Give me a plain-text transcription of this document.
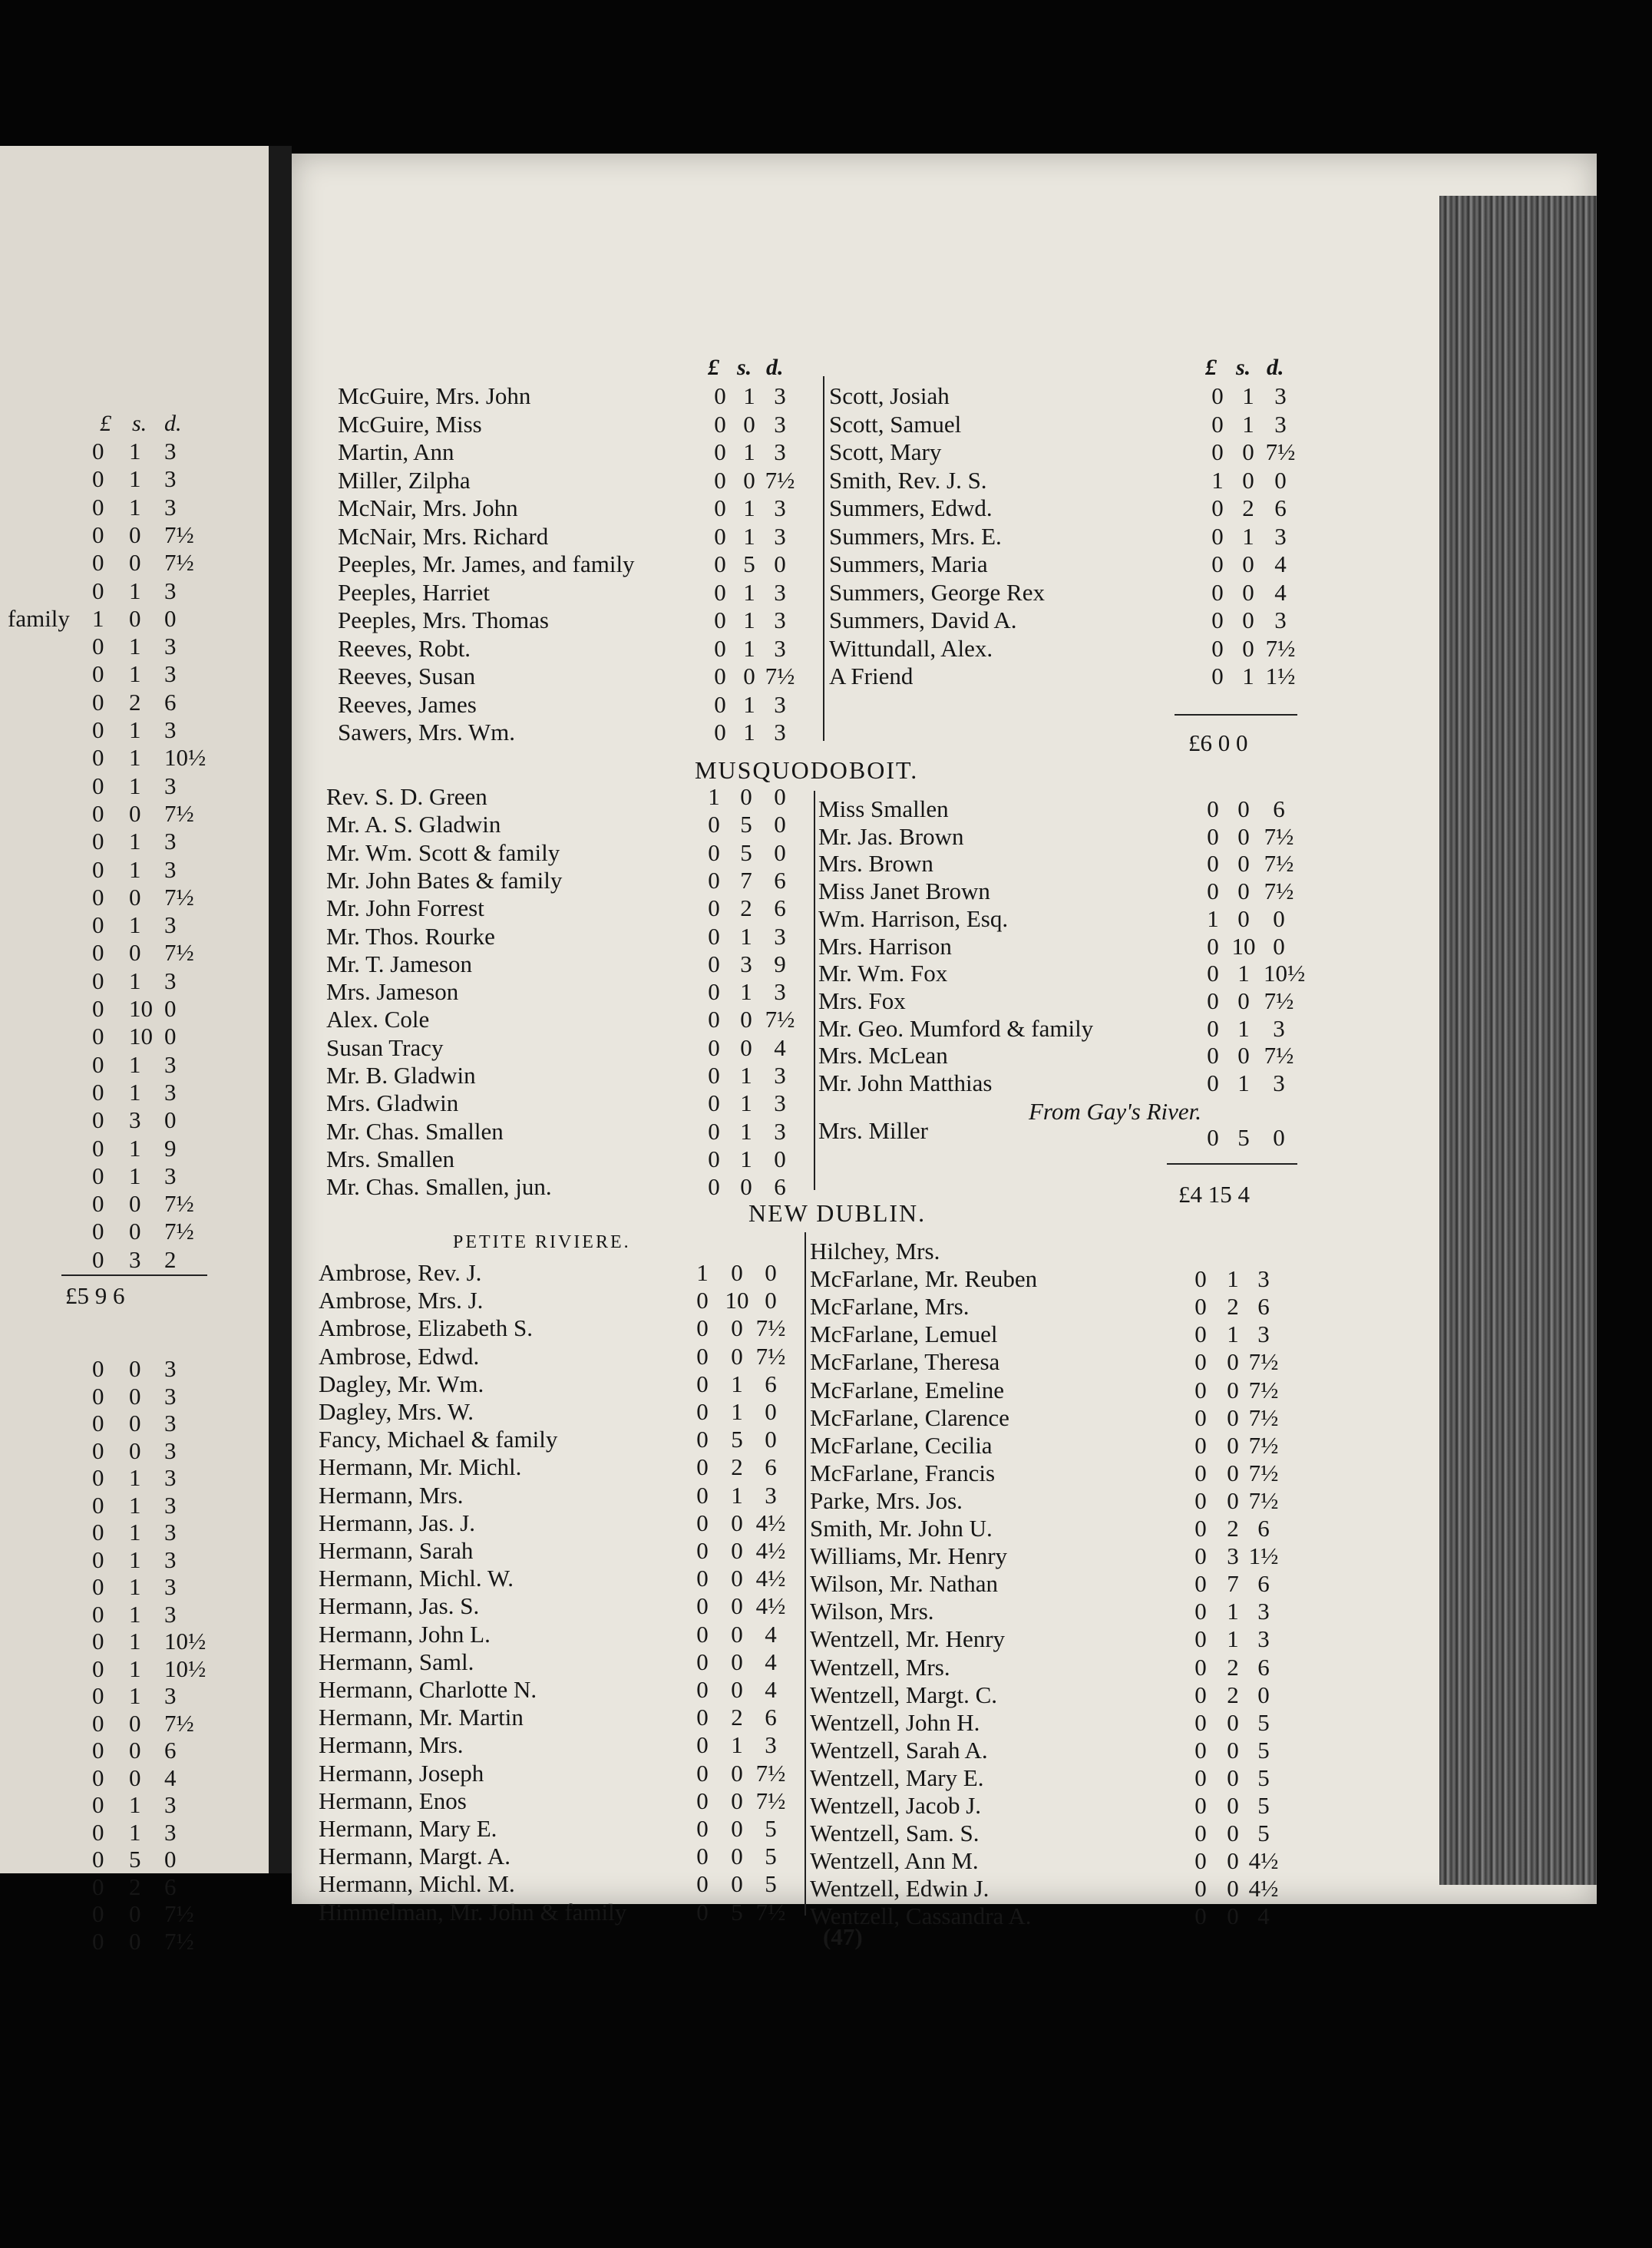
£ s. d.	£ s. d.
McGuire, Mrs. John	0 1 3
McGuire, Miss	0 0 3
Martin, Ann	0 1 3
Miller, Zilpha	0 0 7½
McNair, Mrs. John	0 1 3
McNair, Mrs. Richard	0 1 3
Peeples, Mr. James, and family	0 5 0
Peeples, Harriet	0 1 3
Peeples, Mrs. Thomas	0 1 3
Reeves, Robt.	0 1 3
Reeves, Susan	0 0 7½
Reeves, James	0 1 3
Sawers, Mrs. Wm.	0 1 3
Scott, Josiah	0 1 3
Scott, Samuel	0 1 3
Scott, Mary	0 0 7½
Smith, Rev. J. S.	1 0 0
Summers, Edwd.	0 2 6
Summers, Mrs. E.	0 1 3
Summers, Maria	0 0 4
Summers, George Rex	0 0 4
Summers, David A.	0 0 3
Wittundall, Alex.	0 0 7½
A Friend	0 1 1½
£6 0 0
MUSQUODOBOIT.
Rev. S. D. Green	1 0 0
Mr. A. S. Gladwin	0 5 0
Mr. Wm. Scott & family	0 5 0
Mr. John Bates & family	0 7 6
Mr. John Forrest	0 2 6
Mr. Thos. Rourke	0 1 3
Mr. T. Jameson	0 3 9
Mrs. Jameson	0 1 3
Alex. Cole	0 0 7½
Susan Tracy	0 0 4
Mr. B. Gladwin	0 1 3
Mrs. Gladwin	0 1 3
Mr. Chas. Smallen	0 1 3
Mrs. Smallen	0 1 0
Mr. Chas. Smallen, jun.	0 0 6
Miss Smallen	0 0 6
Mr. Jas. Brown	0 0 7½
Mrs. Brown	0 0 7½
Miss Janet Brown	0 0 7½
Wm. Harrison, Esq.	1 0 0
Mrs. Harrison	0 10 0
Mr. Wm. Fox	0 1 10½
Mrs. Fox	0 0 7½
Mr. Geo. Mumford & family	0 1 3
Mrs. McLean	0 0 7½
Mr. John Matthias	0 1 3
From Gay's River.
Mrs. Miller	0 5 0
£4 15 4
NEW DUBLIN.
PETITE RIVIERE.
Ambrose, Rev. J.	1 0 0
Ambrose, Mrs. J.	0 10 0
Ambrose, Elizabeth S.	0 0 7½
Ambrose, Edwd.	0 0 7½
Dagley, Mr. Wm.	0 1 6
Dagley, Mrs. W.	0 1 0
Fancy, Michael & family	0 5 0
Hermann, Mr. Michl.	0 2 6
Hermann, Mrs.	0 1 3
Hermann, Jas. J.	0 0 4½
Hermann, Sarah	0 0 4½
Hermann, Michl. W.	0 0 4½
Hermann, Jas. S.	0 0 4½
Hermann, John L.	0 0 4
Hermann, Saml.	0 0 4
Hermann, Charlotte N.	0 0 4
Hermann, Mr. Martin	0 2 6
Hermann, Mrs.	0 1 3
Hermann, Joseph	0 0 7½
Hermann, Enos	0 0 7½
Hermann, Mary E.	0 0 5
Hermann, Margt. A.	0 0 5
Hermann, Michl. M.	0 0 5
Himmelman, Mr. John & family	0 5 7½
Hilchey, Mrs.
McFarlane, Mr. Reuben	0 1 3
McFarlane, Mrs.	0 2 6
McFarlane, Lemuel	0 1 3
McFarlane, Theresa	0 0 7½
McFarlane, Emeline	0 0 7½
McFarlane, Clarence	0 0 7½
McFarlane, Cecilia	0 0 7½
McFarlane, Francis	0 0 7½
Parke, Mrs. Jos.	0 0 7½
Smith, Mr. John U.	0 2 6
Williams, Mr. Henry	0 3 1½
Wilson, Mr. Nathan	0 7 6
Wilson, Mrs.	0 1 3
Wentzell, Mr. Henry	0 1 3
Wentzell, Mrs.	0 2 6
Wentzell, Margt. C.	0 2 0
Wentzell, John H.	0 0 5
Wentzell, Sarah A.	0 0 5
Wentzell, Mary E.	0 0 5
Wentzell, Jacob J.	0 0 5
Wentzell, Sam. S.	0 0 5
Wentzell, Ann M.	0 0 4½
Wentzell, Edwin J.	0 0 4½
Wentzell, Cassandra A.	0 0 4
(47)
£ s. d.
0 1 3
0 1 3
0 1 3
0 0 7½
0 0 7½
0 1 3
family 1 0 0
0 1 3
0 1 3
0 2 6
0 1 3
0 1 10½
0 1 3
0 0 7½
0 1 3
0 1 3
0 0 7½
0 1 3
0 0 7½
0 1 3
0 10 0
0 10 0
0 1 3
0 1 3
0 3 0
0 1 9
0 1 3
0 0 7½
0 0 7½
0 3 2
£5 9 6
0 0 3
0 0 3
0 0 3
0 0 3
0 1 3
0 1 3
0 1 3
0 1 3
0 1 3
0 1 3
0 1 10½
0 1 10½
0 1 3
0 0 7½
0 0 6
0 0 4
0 1 3
0 1 3
0 5 0
0 2 6
0 0 7½
0 0 7½
